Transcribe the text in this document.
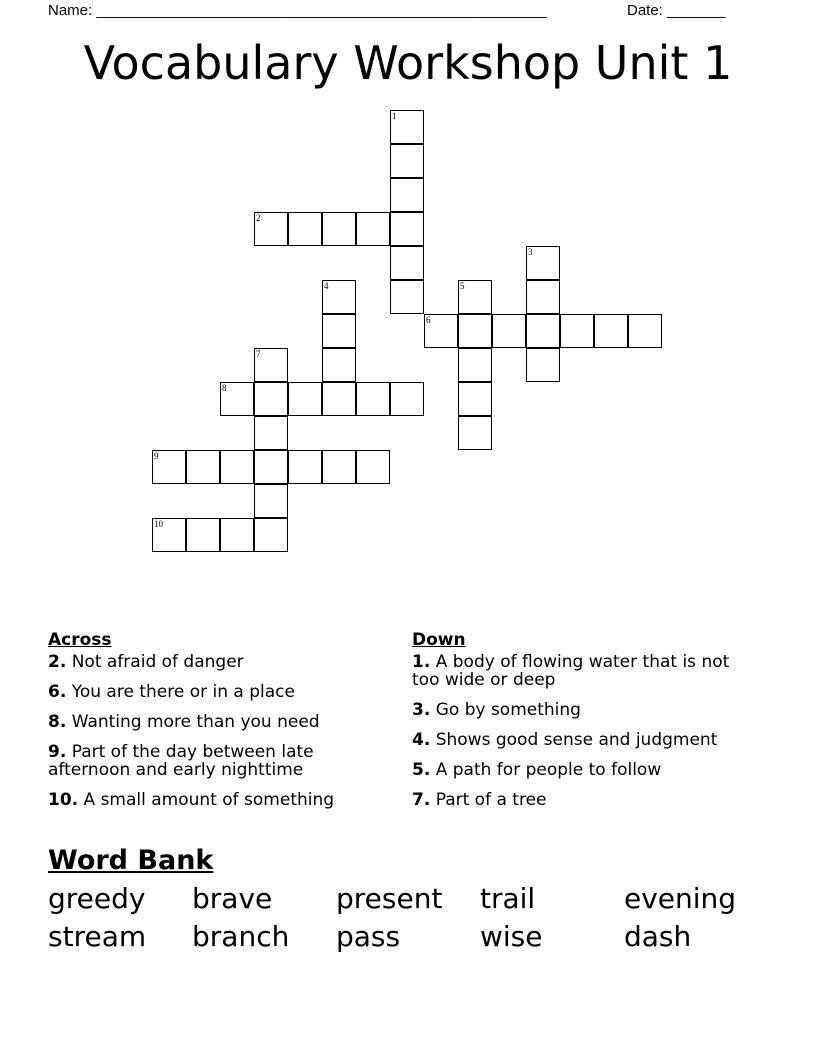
Name: ______________________________________________________	Date: _______
Vocabulary Workshop Unit 1
1
2
3
4	5
6
7
8
9
10
Across
2. Not afraid of danger
6. You are there or in a place
8. Wanting more than you need
9. Part of the day between late afternoon and early nighttime
10. A small amount of something
Down
1. A body of flowing water that is not too wide or deep
3. Go by something
4. Shows good sense and judgment
5. A path for people to follow
7. Part of a tree
Word Bank
greedy brave present trail	evening
stream branch pass	wise	dash
